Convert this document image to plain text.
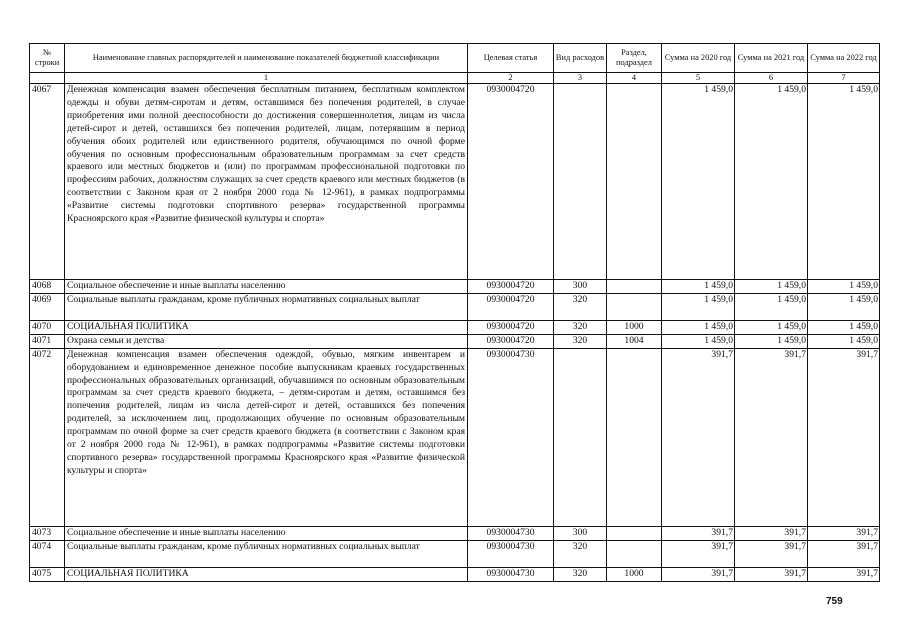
№ строки	Наименование главных распорядителей и наименование показателей бюджетной классификации	Целевая статья	Вид расходов	Раздел, подраздел	Сумма на 2020 год	Сумма на 2021 год	Сумма на 2022 год
	1	2	3	4	5	6	7
4067	Денежная компенсация взамен обеспечения бесплатным питанием, бесплатным комплектом одежды и обуви детям-сиротам и детям, оставшимся без попечения родителей, в случае приобретения ими полной дееспособности до достижения совершеннолетия, лицам из числа детей-сирот и детей, оставшихся без попечения родителей, лицам, потерявшим в период обучения обоих родителей или единственного родителя, обучающимся по очной форме обучения по основным профессиональным образовательным программам за счет средств краевого или местных бюджетов и (или) по программам профессиональной подготовки по профессиям рабочих, должностям служащих за счет средств краевого или местных бюджетов (в соответствии с Законом края от 2 ноября 2000 года № 12-961), в рамках подпрограммы «Развитие системы подготовки спортивного резерва» государственной программы Красноярского края «Развитие физической культуры и спорта»	0930004720			1 459,0	1 459,0	1 459,0
4068	Социальное обеспечение и иные выплаты населению	0930004720	300		1 459,0	1 459,0	1 459,0
4069	Социальные выплаты гражданам, кроме публичных нормативных социальных выплат	0930004720	320		1 459,0	1 459,0	1 459,0
4070	СОЦИАЛЬНАЯ ПОЛИТИКА	0930004720	320	1000	1 459,0	1 459,0	1 459,0
4071	Охрана семьи и детства	0930004720	320	1004	1 459,0	1 459,0	1 459,0
4072	Денежная компенсация взамен обеспечения одеждой, обувью, мягким инвентарем и оборудованием и единовременное денежное пособие выпускникам краевых государственных профессиональных образовательных организаций, обучавшимся по основным образовательным программам за счет средств краевого бюджета, – детям-сиротам и детям, оставшимся без попечения родителей, лицам из числа детей-сирот и детей, оставшихся без попечения родителей, за исключением лиц, продолжающих обучение по основным образовательным программам по очной форме за счет средств краевого бюджета (в соответствии с Законом края от 2 ноября 2000 года № 12-961), в рамках подпрограммы «Развитие системы подготовки спортивного резерва» государственной программы Красноярского края «Развитие физической культуры и спорта»	0930004730			391,7	391,7	391,7
4073	Социальное обеспечение и иные выплаты населению	0930004730	300		391,7	391,7	391,7
4074	Социальные выплаты гражданам, кроме публичных нормативных социальных выплат	0930004730	320		391,7	391,7	391,7
4075	СОЦИАЛЬНАЯ ПОЛИТИКА	0930004730	320	1000	391,7	391,7	391,7
759
